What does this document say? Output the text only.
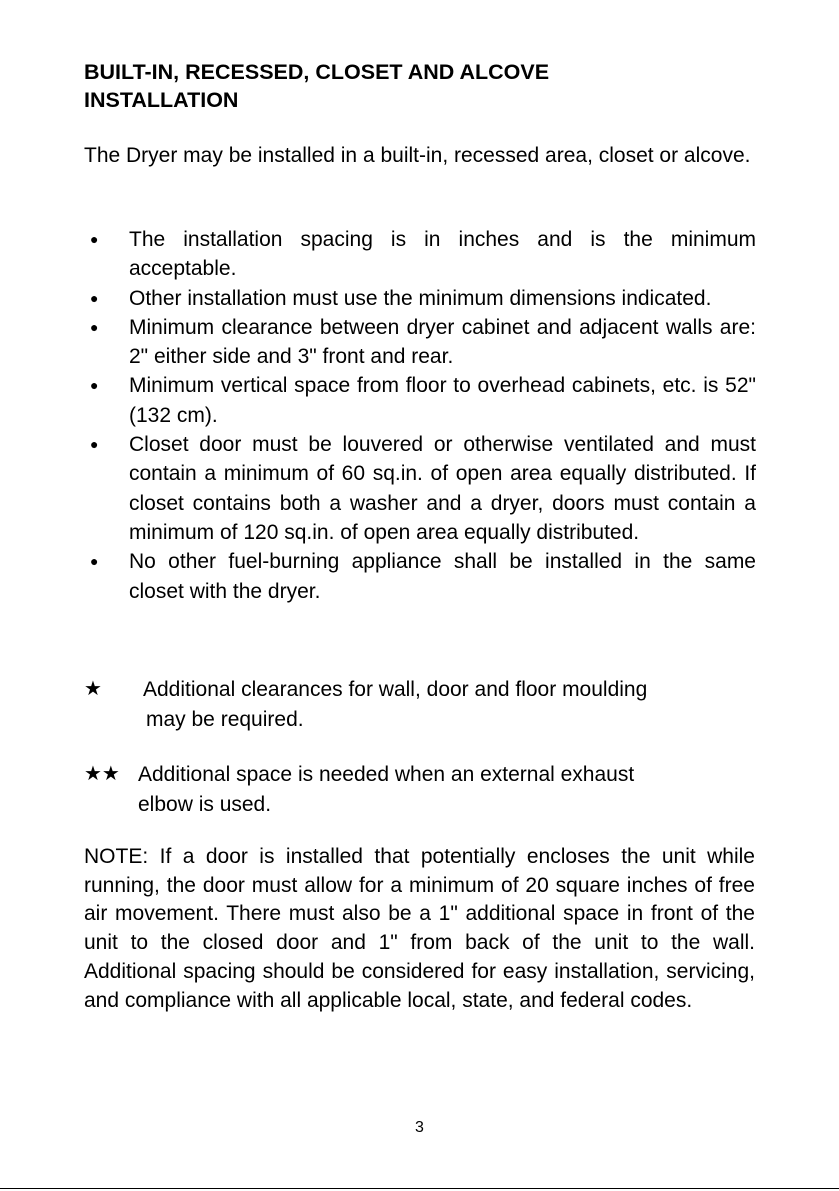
BUILT-IN, RECESSED, CLOSET AND ALCOVE
INSTALLATION

The Dryer may be installed in a built-in, recessed area, closet or alcove.

● The installation spacing is in inches and is the minimum acceptable.
● Other installation must use the minimum dimensions indicated.
● Minimum clearance between dryer cabinet and adjacent walls are: 2" either side and 3" front and rear.
● Minimum vertical space from floor to overhead cabinets, etc. is 52" (132 cm).
● Closet door must be louvered or otherwise ventilated and must contain a minimum of 60 sq.in. of open area equally distributed. If closet contains both a washer and a dryer, doors must contain a minimum of 120 sq.in. of open area equally distributed.
● No other fuel-burning appliance shall be installed in the same closet with the dryer.
★ Additional clearances for wall, door and floor moulding
may be required.
★★ Additional space is needed when an external exhaust
elbow is used.

NOTE: If a door is installed that potentially encloses the unit while running, the door must allow for a minimum of 20 square inches of free air movement. There must also be a 1" additional space in front of the unit to the closed door and 1" from back of the unit to the wall. Additional spacing should be considered for easy installation, servicing, and compliance with all applicable local, state, and federal codes.

3
